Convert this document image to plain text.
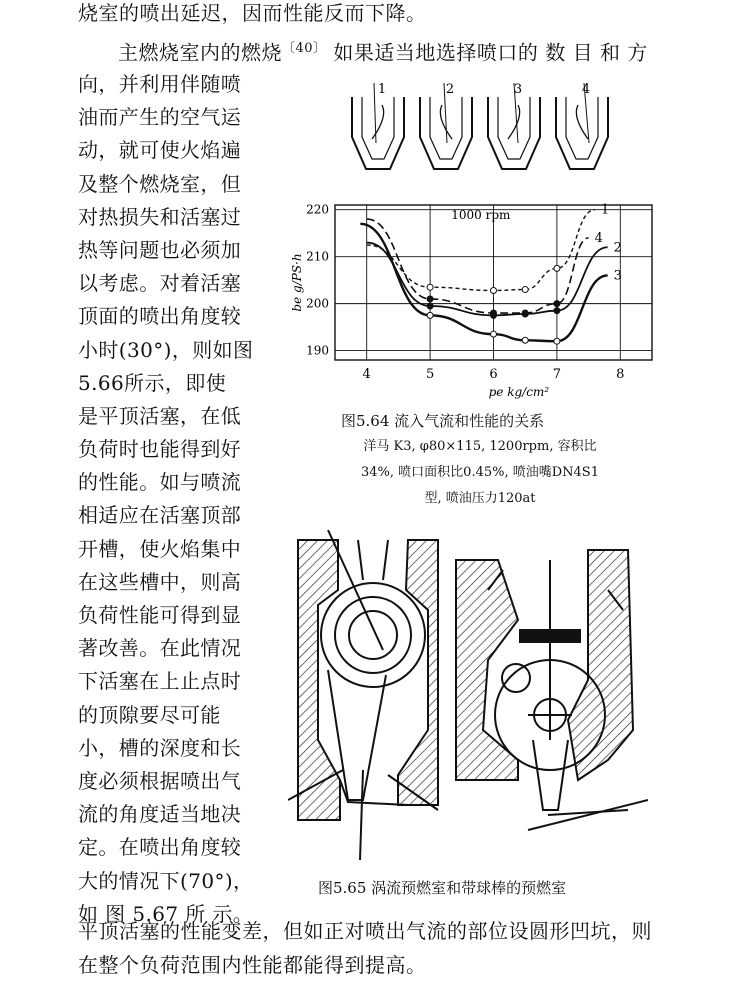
烧室的喷出延迟，因而性能反而下降。
主燃烧室内的燃烧$^{〔40〕}$ 如果适当地选择喷口的 数 目 和 方
向，并利用伴随喷
油而产生的空气运
动，就可使火焰遍
及整个燃烧室，但
对热损失和活塞过
热等问题也必须加
以考虑。对着活塞
顶面的喷出角度较
小时(30°)，则如图
5.66所示，即使
是平顶活塞，在低
负荷时也能得到好
的性能。如与喷流
相适应在活塞顶部
开槽，使火焰集中
在这些槽中，则高
负荷性能可得到显
著改善。在此情况
下活塞在上止点时
的顶隙要尽可能
小，槽的深度和长
度必须根据喷出气
流的角度适当地决
定。在喷出角度较
大的情况下(70°)，
如 图 5.67 所 示。
1	2	3	4
4	5	6	7	8
190
200
210
220
pe kg/cm²
be g/PS·h
1000 rpm	1
2
3
4
图5.64 流入气流和性能的关系
洋马 K3, φ80×115, 1200rpm, 容积比
34%, 喷口面积比0.45%, 喷油嘴DN4S1
型, 喷油压力120at
图5.65 涡流预燃室和带球棒的预燃室
平顶活塞的性能变差，但如正对喷出气流的部位设圆形凹坑，则
在整个负荷范围内性能都能得到提高。
